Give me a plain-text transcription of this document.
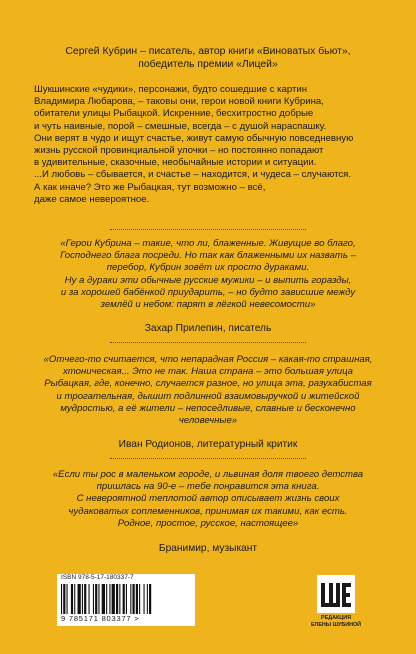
Сергей Кубрин – писатель, автор книги «Виноватых бьют»,
победитель премии «Лицей»
Шукшинские «чудики», персонажи, будто сошедшие с картин
Владимира Любарова, – таковы они, герои новой книги Кубрина,
обитатели улицы Рыбацкой. Искренние, бесхитростно добрые
и чуть наивные, порой – смешные, всегда – с душой нараспашку.
Они верят в чудо и ищут счастье, живут самую обычную повседневную
жизнь русской провинциальной улочки – но постоянно попадают
в удивительные, сказочные, необычайные истории и ситуации.
...И любовь – сбывается, и счастье – находится, и чудеса – случаются.
А как иначе? Это же Рыбацкая, тут возможно – всё,
даже самое невероятное.
«Герои Кубрина – такие, что ли, блаженные. Живущие во благо,
Господнего блага посреди. Но так как блаженными их назвать –
перебор, Кубрин зовёт их просто дураками.
Ну а дураки эти обычные русские мужики – и выпить горазды,
и за хорошей бабёнкой приударить, – но будто зависшие между
землёй и небом: парят в лёгкой невесомости»
Захар Прилепин, писатель
«Отчего-то считается, что непарадная Россия – какая-то страшная,
хтоническая... Это не так. Наша страна – это большая улица
Рыбацкая, где, конечно, случается разное, но улица эта, разухабистая
и трогательная, дышит подлинной взаимовыручкой и житейской
мудростью, а её жители – непоседливые, славные и бесконечно
человечные»
Иван Родионов, литературный критик
«Если ты рос в маленьком городе, и львиная доля твоего детства
пришлась на 90-е – тебе понравится эта книга.
С невероятной теплотой автор описывает жизнь своих
чудаковатых соплеменников, принимая их такими, как есть.
Родное, простое, русское, настоящее»
Бранимир, музыкант
ISBN 978-5-17-180337-7
9 785171 803377 >	РЕДАКЦИЯ
ЕЛЕНЫ ШУБИНОЙ
